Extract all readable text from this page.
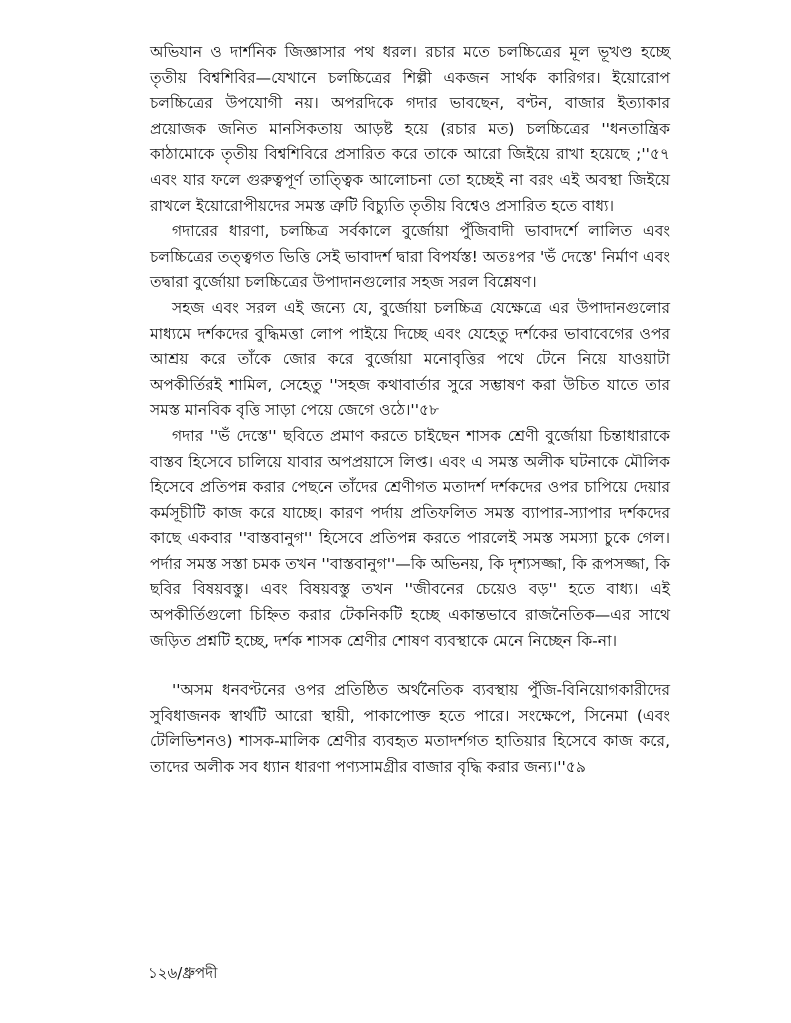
অভিযান ও দার্শনিক জিজ্ঞাসার পথ ধরল। রচার মতে চলচ্চিত্রের মূল ভূখণ্ড হচ্ছে তৃতীয় বিশ্বশিবির—যেখানে চলচ্চিত্রের শিল্পী একজন সার্থক কারিগর। ইয়োরোপ চলচ্চিত্রের উপযোগী নয়। অপরদিকে গদার ভাবছেন, বণ্টন, বাজার ইত্যাকার প্রয়োজক জনিত মানসিকতায় আড়ষ্ট হয়ে (রচার মত) চলচ্চিত্রের ''ধনতান্ত্রিক কাঠামোকে তৃতীয় বিশ্বশিবিরে প্রসারিত করে তাকে আরো জিইয়ে রাখা হয়েছে ;''৫৭ এবং যার ফলে গুরুত্বপূর্ণ তাত্ত্বিক আলোচনা তো হচ্ছেই না বরং এই অবস্থা জিইয়ে রাখলে ইয়োরোপীয়দের সমস্ত ত্রুটি বিচ্যুতি তৃতীয় বিশ্বেও প্রসারিত হতে বাধ্য।

গদারের ধারণা, চলচ্চিত্র সর্বকালে বুর্জোয়া পুঁজিবাদী ভাবাদর্শে লালিত এবং চলচ্চিত্রের তত্ত্বগত ভিত্তি সেই ভাবাদর্শ দ্বারা বিপর্যস্ত! অতঃপর 'ভঁ দেস্তে' নির্মাণ এবং তদ্বারা বুর্জোয়া চলচ্চিত্রের উপাদানগুলোর সহজ সরল বিশ্লেষণ।

সহজ এবং সরল এই জন্যে যে, বুর্জোয়া চলচ্চিত্র যেক্ষেত্রে এর উপাদানগুলোর মাধ্যমে দর্শকদের বুদ্ধিমত্তা লোপ পাইয়ে দিচ্ছে এবং যেহেতু দর্শকের ভাবাবেগের ওপর আশ্রয় করে তাঁকে জোর করে বুর্জোয়া মনোবৃত্তির পথে টেনে নিয়ে যাওয়াটা অপকীর্তিরই শামিল, সেহেতু ''সহজ কথাবার্তার সুরে সম্ভাষণ করা উচিত যাতে তার সমস্ত মানবিক বৃত্তি সাড়া পেয়ে জেগে ওঠে।''৫৮

গদার ''ভঁ দেস্তে'' ছবিতে প্রমাণ করতে চাইছেন শাসক শ্রেণী বুর্জোয়া চিন্তাধারাকে বাস্তব হিসেবে চালিয়ে যাবার অপপ্রয়াসে লিপ্ত। এবং এ সমস্ত অলীক ঘটনাকে মৌলিক হিসেবে প্রতিপন্ন করার পেছনে তাঁদের শ্রেণীগত মতাদর্শ দর্শকদের ওপর চাপিয়ে দেয়ার কর্মসূচীটি কাজ করে যাচ্ছে। কারণ পর্দায় প্রতিফলিত সমস্ত ব্যাপার-স্যাপার দর্শকদের কাছে একবার ''বাস্তবানুগ'' হিসেবে প্রতিপন্ন করতে পারলেই সমস্ত সমস্যা চুকে গেল। পর্দার সমস্ত সস্তা চমক তখন ''বাস্তবানুগ''—কি অভিনয়, কি দৃশ্যসজ্জা, কি রূপসজ্জা, কি ছবির বিষয়বস্তু। এবং বিষয়বস্তু তখন ''জীবনের চেয়েও বড়'' হতে বাধ্য। এই অপকীর্তিগুলো চিহ্নিত করার টেকনিকটি হচ্ছে একান্তভাবে রাজনৈতিক—এর সাথে জড়িত প্রশ্নটি হচ্ছে, দর্শক শাসক শ্রেণীর শোষণ ব্যবস্থাকে মেনে নিচ্ছেন কি-না।

''অসম ধনবণ্টনের ওপর প্রতিষ্ঠিত অর্থনৈতিক ব্যবস্থায় পুঁজি-বিনিয়োগকারীদের সুবিধাজনক স্বার্থটি আরো স্থায়ী, পাকাপোক্ত হতে পারে। সংক্ষেপে, সিনেমা (এবং টেলিভিশনও) শাসক-মালিক শ্রেণীর ব্যবহৃত মতাদর্শগত হাতিয়ার হিসেবে কাজ করে, তাদের অলীক সব ধ্যান ধারণা পণ্যসামগ্রীর বাজার বৃদ্ধি করার জন্য।''৫৯

১২৬/ধ্রুপদী
